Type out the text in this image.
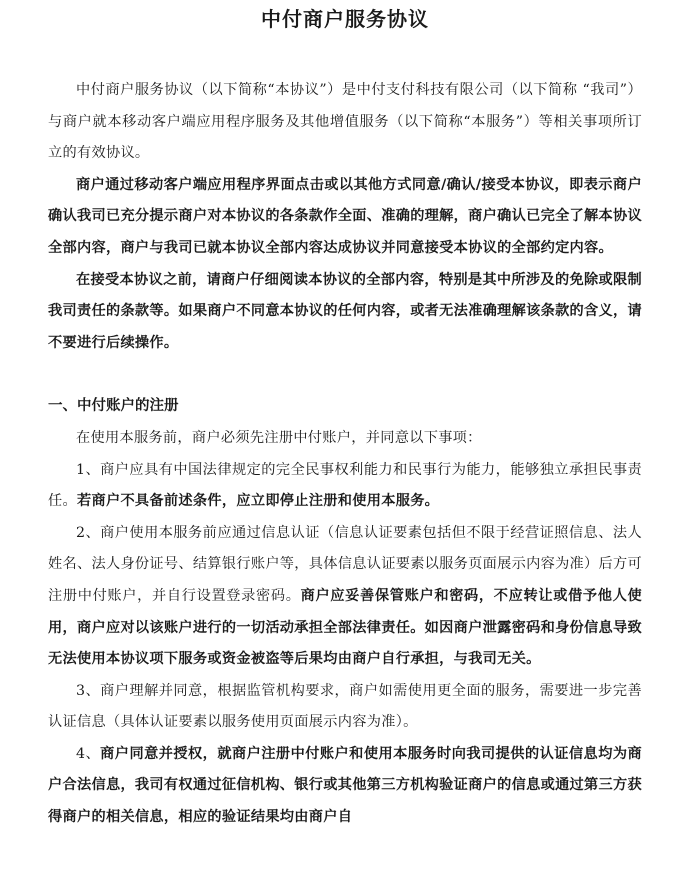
中付商户服务协议

中付商户服务协议（以下简称“本协议”）是中付支付科技有限公司（以下简称 “我司”）与商户就本移动客户端应用程序服务及其他增值服务（以下简称“本服务”）等相关事项所订立的有效协议。

商户通过移动客户端应用程序界面点击或以其他方式同意/确认/接受本协议，即表示商户确认我司已充分提示商户对本协议的各条款作全面、准确的理解，商户确认已完全了解本协议全部内容，商户与我司已就本协议全部内容达成协议并同意接受本协议的全部约定内容。

在接受本协议之前，请商户仔细阅读本协议的全部内容，特别是其中所涉及的免除或限制我司责任的条款等。如果商户不同意本协议的任何内容，或者无法准确理解该条款的含义，请不要进行后续操作。

一、中付账户的注册

在使用本服务前，商户必须先注册中付账户，并同意以下事项：

1、商户应具有中国法律规定的完全民事权利能力和民事行为能力，能够独立承担民事责任。若商户不具备前述条件，应立即停止注册和使用本服务。

2、商户使用本服务前应通过信息认证（信息认证要素包括但不限于经营证照信息、法人姓名、法人身份证号、结算银行账户等，具体信息认证要素以服务页面展示内容为准）后方可注册中付账户，并自行设置登录密码。商户应妥善保管账户和密码，不应转让或借予他人使用，商户应对以该账户进行的一切活动承担全部法律责任。如因商户泄露密码和身份信息导致无法使用本协议项下服务或资金被盗等后果均由商户自行承担，与我司无关。

3、商户理解并同意，根据监管机构要求，商户如需使用更全面的服务，需要进一步完善认证信息（具体认证要素以服务使用页面展示内容为准）。

4、商户同意并授权，就商户注册中付账户和使用本服务时向我司提供的认证信息均为商户合法信息，我司有权通过征信机构、银行或其他第三方机构验证商户的信息或通过第三方获得商户的相关信息，相应的验证结果均由商户自
